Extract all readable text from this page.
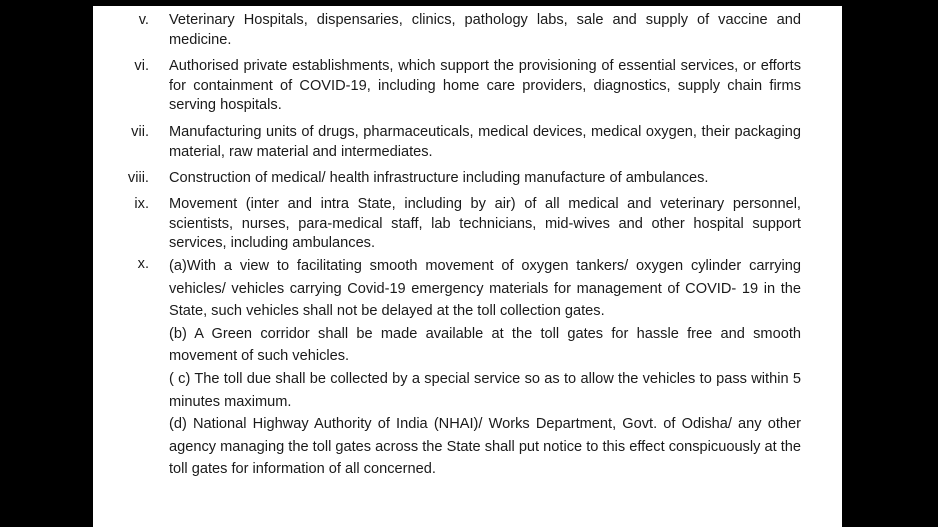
v. Veterinary Hospitals, dispensaries, clinics, pathology labs, sale and supply of vaccine and medicine.

vi. Authorised private establishments, which support the provisioning of essential services, or efforts for containment of COVID-19, including home care providers, diagnostics, supply chain firms serving hospitals.

vii. Manufacturing units of drugs, pharmaceuticals, medical devices, medical oxygen, their packaging material, raw material and intermediates.

viii. Construction of medical/ health infrastructure including manufacture of ambulances.

ix. Movement (inter and intra State, including by air) of all medical and veterinary personnel, scientists, nurses, para-medical staff, lab technicians, mid-wives and other hospital support services, including ambulances.

x. (a)With a view to facilitating smooth movement of oxygen tankers/ oxygen cylinder carrying vehicles/ vehicles carrying Covid-19 emergency materials for management of COVID- 19 in the State, such vehicles shall not be delayed at the toll collection gates.

(b) A Green corridor shall be made available at the toll gates for hassle free and smooth movement of such vehicles.

( c) The toll due shall be collected by a special service so as to allow the vehicles to pass within 5 minutes maximum.

(d) National Highway Authority of India (NHAI)/ Works Department, Govt. of Odisha/ any other agency managing the toll gates across the State shall put notice to this effect conspicuously at the toll gates for information of all concerned.
